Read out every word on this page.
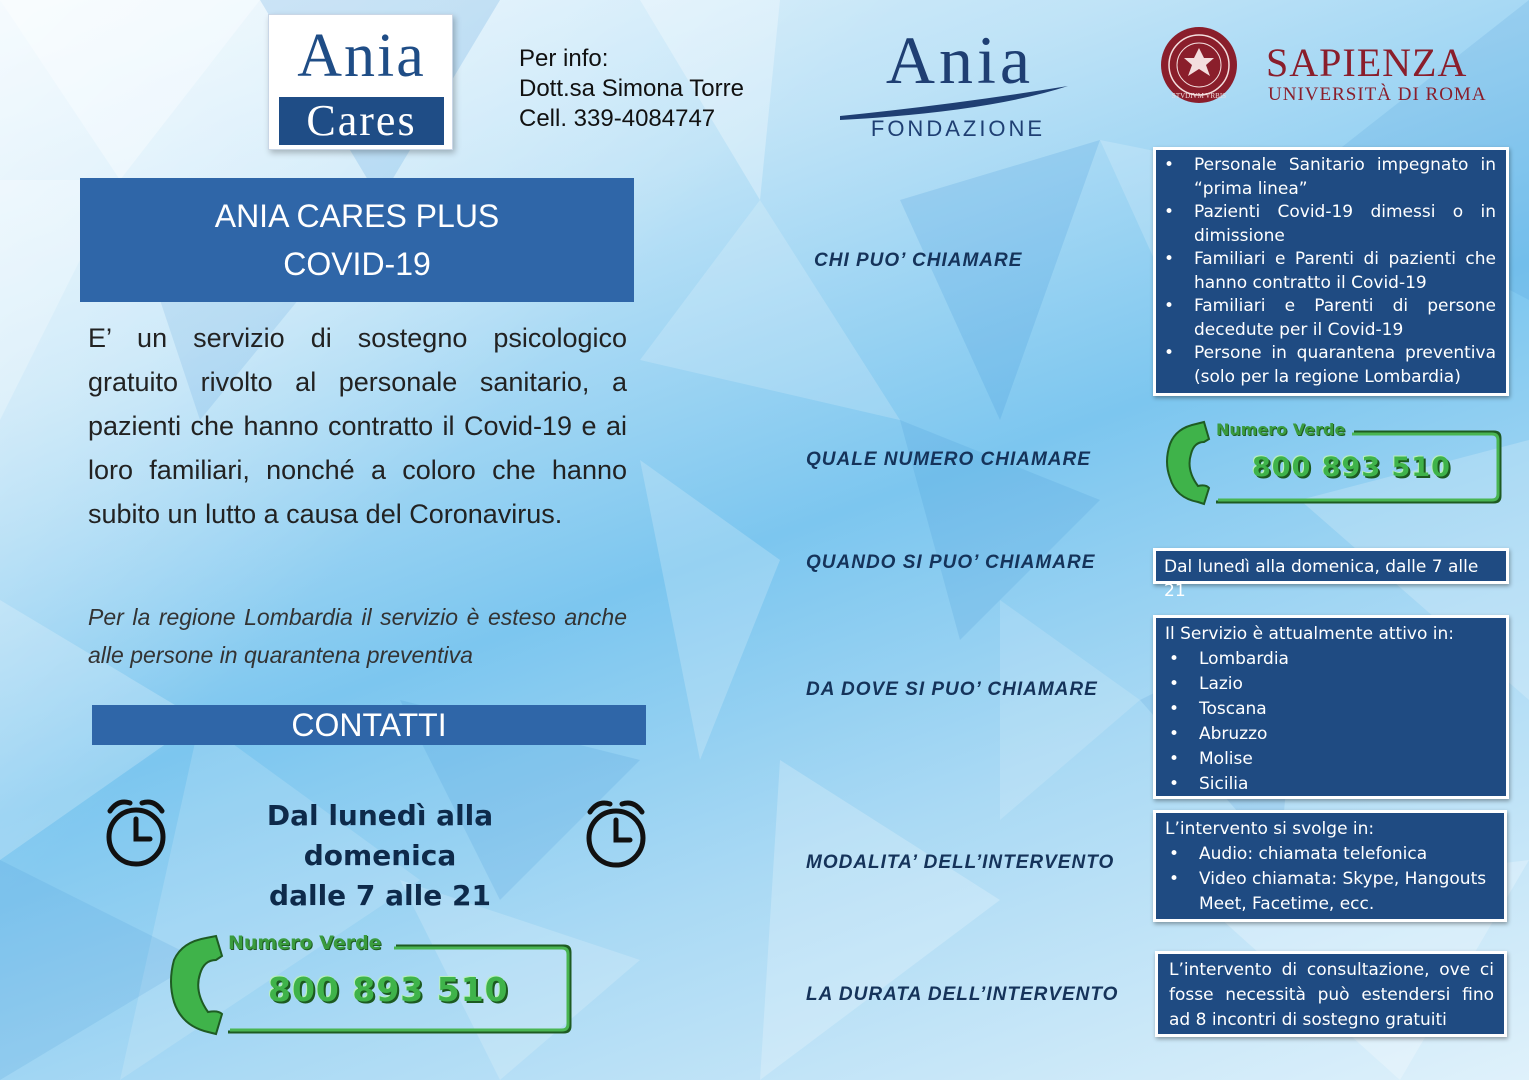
Ania
Cares
Per info:
Dott.sa Simona Torre
Cell. 339-4084747
Ania
FONDAZIONE
STVDIVM VRBIS
SAPIENZA
UNIVERSITÀ DI ROMA
ANIA CARES PLUS
COVID-19
E’ un servizio di sostegno psicologico gratuito rivolto al personale sanitario, a pazienti che hanno contratto il Covid-19 e ai loro familiari, nonché a coloro che hanno subito un lutto a causa del Coronavirus.
Per la regione Lombardia il servizio è esteso anche alle persone in quarantena preventiva
CONTATTI
Dal lunedì alla domenica
dalle 7 alle 21
Numero Verde
800 893 510
CHI PUO’ CHIAMARE
QUALE NUMERO CHIAMARE
QUANDO SI PUO’ CHIAMARE
DA DOVE SI PUO’ CHIAMARE
MODALITA’ DELL’INTERVENTO
LA DURATA DELL’INTERVENTO
• Personale Sanitario impegnato in “prima linea”
• Pazienti Covid-19 dimessi o in dimissione
• Familiari e Parenti di pazienti che hanno contratto il Covid-19
• Familiari e Parenti di persone decedute per il Covid-19
• Persone in quarantena preventiva (solo per la regione Lombardia)
Numero Verde
800 893 510
Dal lunedì alla domenica, dalle 7 alle 21
Il Servizio è attualmente attivo in:
• Lombardia
• Lazio
• Toscana
• Abruzzo
• Molise
• Sicilia
L’intervento si svolge in:
• Audio: chiamata telefonica
• Video chiamata: Skype, Hangouts Meet, Facetime, ecc.
L’intervento di consultazione, ove ci fosse necessità può estendersi fino ad 8 incontri di sostegno gratuiti
